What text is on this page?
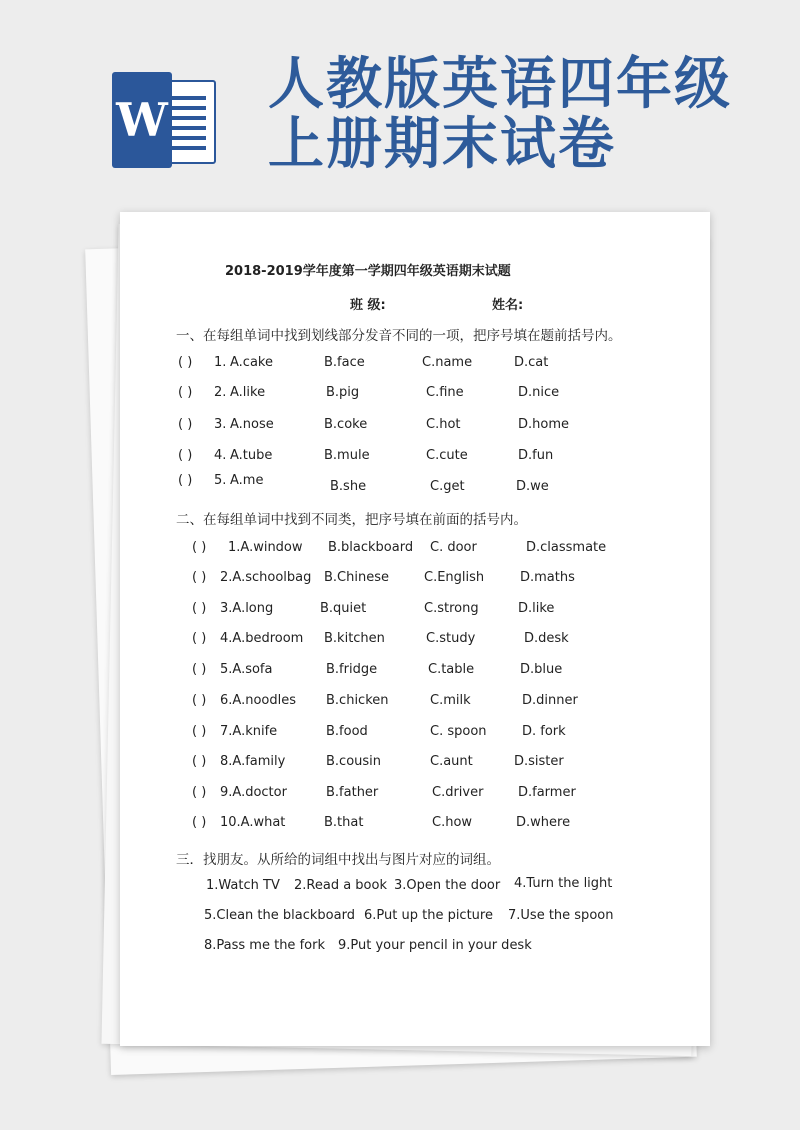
W
人教版英语四年级
上册期末试卷
2018-2019学年度第一学期四年级英语期末试题
班 级:	姓名:
一、在每组单词中找到划线部分发音不同的一项，把序号填在题前括号内。
( ) 1. A.cake	B.face	C.name	D.cat
( ) 2. A.like	B.pig	C.fine	D.nice
( ) 3. A.nose	B.coke	C.hot	D.home
( ) 4. A.tube	B.mule	C.cute	D.fun
( ) 5. A.me	B.she	C.get	D.we
二、在每组单词中找到不同类，把序号填在前面的括号内。
( ) 1.A.window B.blackboard C. door	D.classmate
( ) 2.A.schoolbag B.Chinese	C.English	D.maths
( ) 3.A.long	B.quiet	C.strong	D.like
( ) 4.A.bedroom B.kitchen	C.study	D.desk
( ) 5.A.sofa	B.fridge	C.table	D.blue
( ) 6.A.noodles B.chicken	C.milk	D.dinner
( ) 7.A.knife	B.food	C. spoon	D. fork
( ) 8.A.family	B.cousin	C.aunt	D.sister
( ) 9.A.doctor	B.father	C.driver	D.farmer
( ) 10.A.what	B.that	C.how	D.where
三．找朋友。从所给的词组中找出与图片对应的词组。
1.Watch TV 2.Read a book 3.Open the door 4.Turn the light
5.Clean the blackboard 6.Put up the picture 7.Use the spoon
8.Pass me the fork 9.Put your pencil in your desk
